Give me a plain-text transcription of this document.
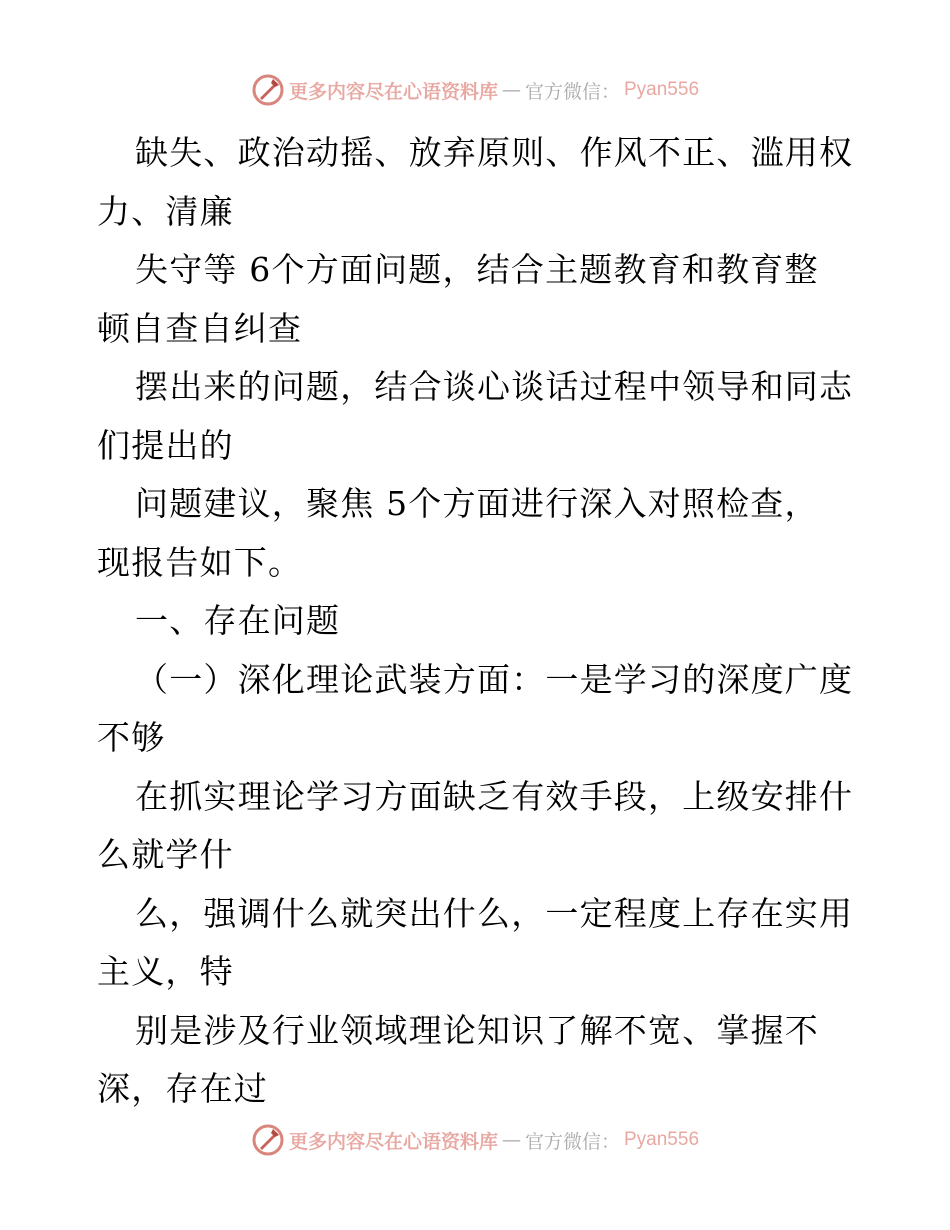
更多内容尽在心语资料库 — 官方微信： Pyan556
缺失、政治动摇、放弃原则、作风不正、滥用权
力、清廉
失守等 6个方面问题，结合主题教育和教育整
顿自查自纠查
摆出来的问题，结合谈心谈话过程中领导和同志
们提出的
问题建议，聚焦 5个方面进行深入对照检查，
现报告如下。
一、存在问题
（一）深化理论武装方面：一是学习的深度广度
不够
在抓实理论学习方面缺乏有效手段，上级安排什
么就学什
么，强调什么就突出什么，一定程度上存在实用
主义，特
别是涉及行业领域理论知识了解不宽、掌握不
深，存在过
更多内容尽在心语资料库 — 官方微信： Pyan556
